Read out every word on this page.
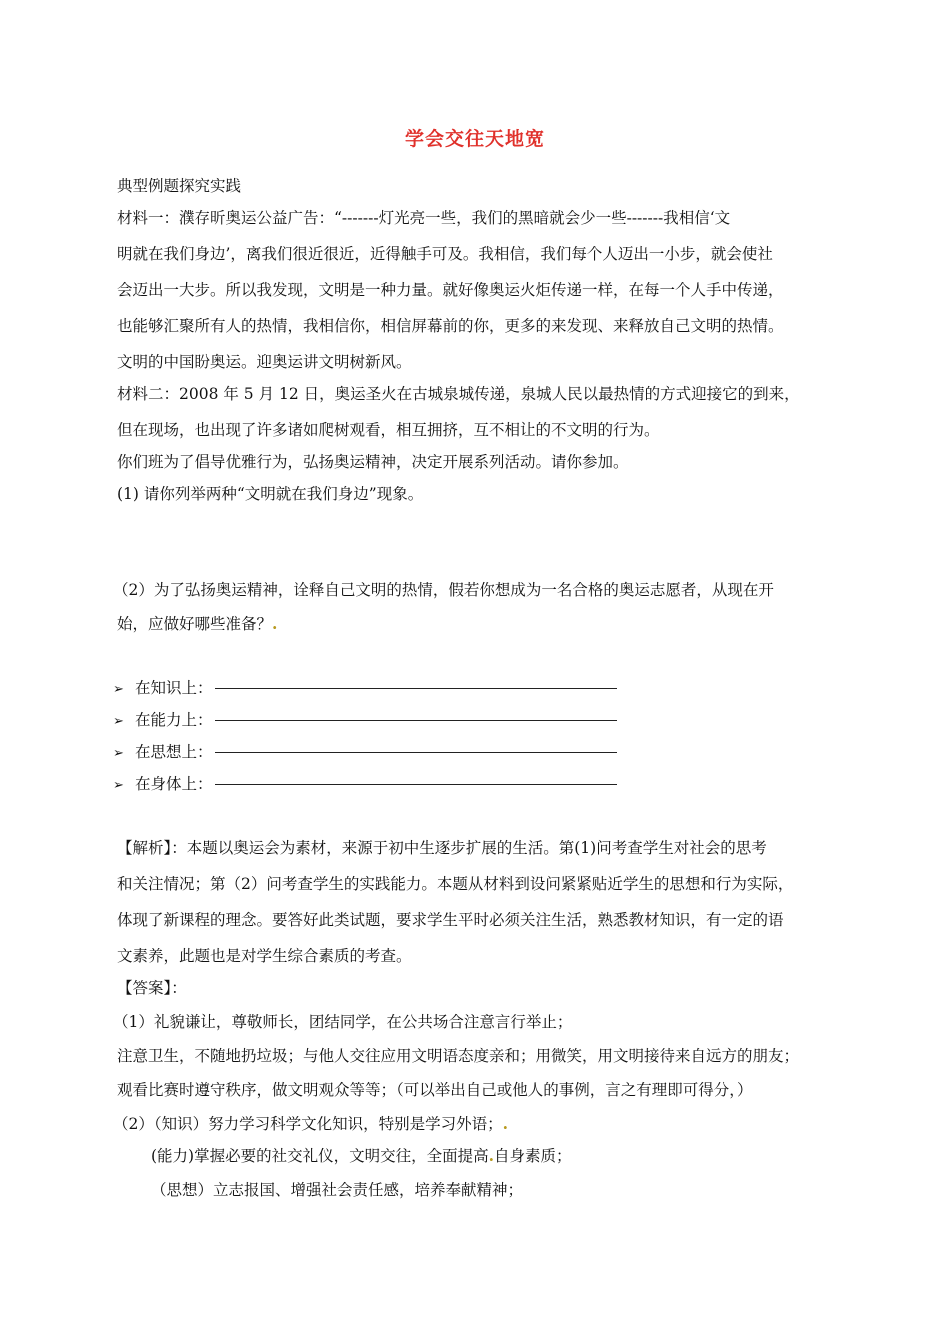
学会交往天地宽
典型例题探究实践
材料一：濮存昕奥运公益广告：“-------灯光亮一些，我们的黑暗就会少一些-------我相信‘文
明就在我们身边’，离我们很近很近，近得触手可及。我相信，我们每个人迈出一小步，就会使社
会迈出一大步。所以我发现，文明是一种力量。就好像奥运火炬传递一样，在每一个人手中传递，
也能够汇聚所有人的热情，我相信你，相信屏幕前的你，更多的来发现、来释放自己文明的热情。
文明的中国盼奥运。迎奥运讲文明树新风。
材料二：2008 年 5 月 12 日，奥运圣火在古城泉城传递，泉城人民以最热情的方式迎接它的到来，
但在现场，也出现了许多诸如爬树观看，相互拥挤，互不相让的不文明的行为。
你们班为了倡导优雅行为，弘扬奥运精神，决定开展系列活动。请你参加。
(1) 请你列举两种“文明就在我们身边”现象。
（2）为了弘扬奥运精神，诠释自己文明的热情，假若你想成为一名合格的奥运志愿者，从现在开
始，应做好哪些准备？.
➢ 在知识上：
➢ 在能力上：
➢ 在思想上：
➢ 在身体上：
【解析】：本题以奥运会为素材，来源于初中生逐步扩展的生活。第(1)问考查学生对社会的思考
和关注情况；第（2）问考查学生的实践能力。本题从材料到设问紧紧贴近学生的思想和行为实际，
体现了新课程的理念。要答好此类试题，要求学生平时必须关注生活，熟悉教材知识，有一定的语
文素养，此题也是对学生综合素质的考查。
【答案】：
（1）礼貌谦让，尊敬师长，团结同学，在公共场合注意言行举止；
注意卫生，不随地扔垃圾；与他人交往应用文明语态度亲和；用微笑，用文明接待来自远方的朋友；
观看比赛时遵守秩序，做文明观众等等；（可以举出自己或他人的事例，言之有理即可得分，）
（2）（知识）努力学习科学文化知识，特别是学习外语；.
(能力)掌握必要的社交礼仪，文明交往，全面提高.自身素质；
（思想）立志报国、增强社会责任感，培养奉献精神；
